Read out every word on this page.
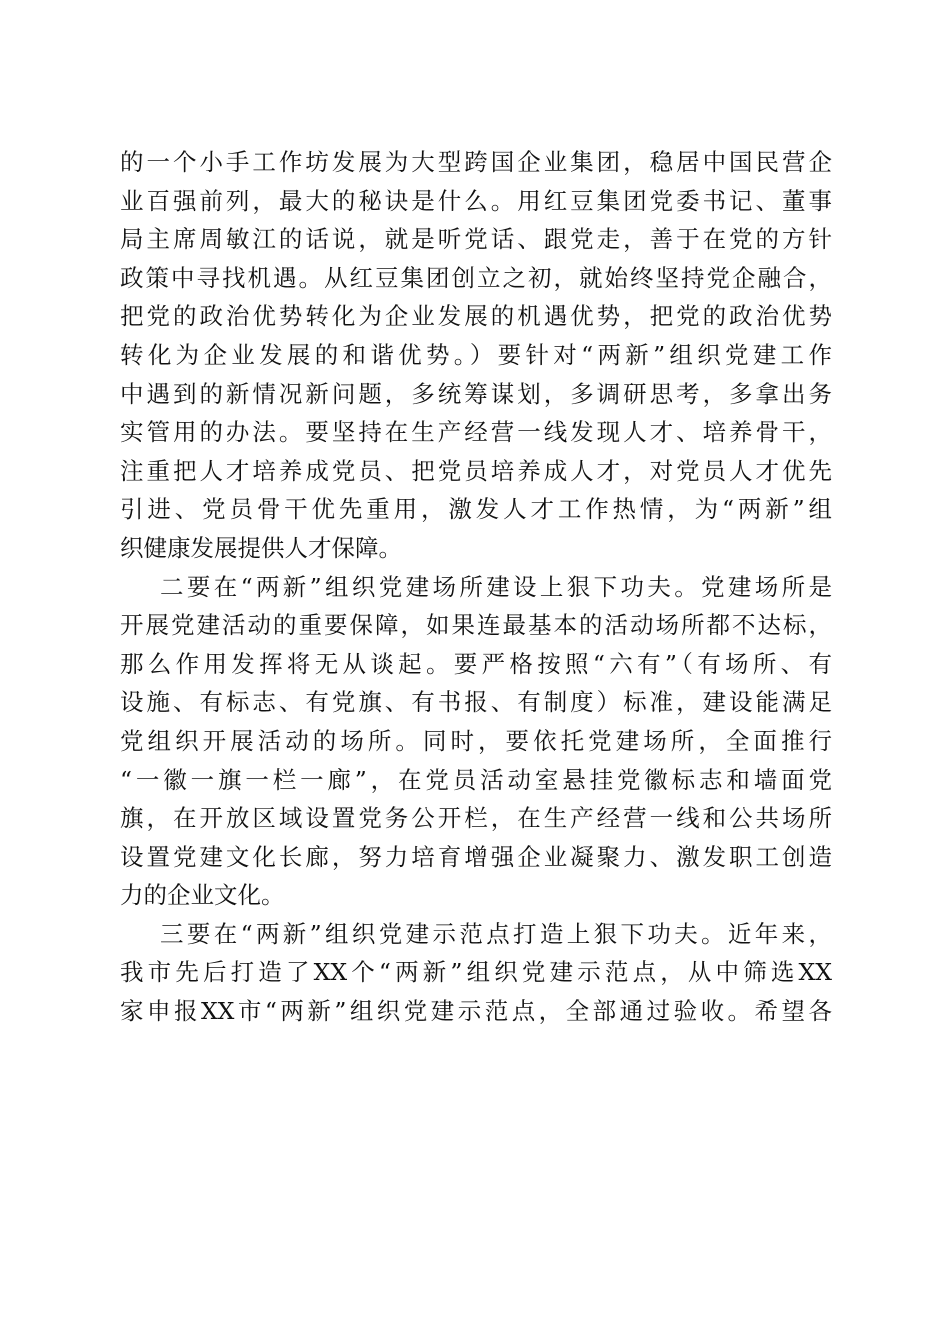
的一个小手工作坊发展为大型跨国企业集团，稳居中国民营企
业百强前列，最大的秘诀是什么。用红豆集团党委书记、董事
局主席周敏江的话说，就是听党话、跟党走，善于在党的方针
政策中寻找机遇。从红豆集团创立之初，就始终坚持党企融合，
把党的政治优势转化为企业发展的机遇优势，把党的政治优势
转化为企业发展的和谐优势。）要针对“两新”组织党建工作
中遇到的新情况新问题，多统筹谋划，多调研思考，多拿出务
实管用的办法。要坚持在生产经营一线发现人才、培养骨干，
注重把人才培养成党员、把党员培养成人才，对党员人才优先
引进、党员骨干优先重用，激发人才工作热情，为“两新”组
织健康发展提供人才保障。
二要在“两新”组织党建场所建设上狠下功夫。党建场所是
开展党建活动的重要保障，如果连最基本的活动场所都不达标，
那么作用发挥将无从谈起。要严格按照“六有”（有场所、有
设施、有标志、有党旗、有书报、有制度）标准，建设能满足
党组织开展活动的场所。同时，要依托党建场所，全面推行
“一徽一旗一栏一廊”，在党员活动室悬挂党徽标志和墙面党
旗，在开放区域设置党务公开栏，在生产经营一线和公共场所
设置党建文化长廊，努力培育增强企业凝聚力、激发职工创造
力的企业文化。
三要在“两新”组织党建示范点打造上狠下功夫。近年来，
我市先后打造了XX个“两新”组织党建示范点，从中筛选XX
家申报XX市“两新”组织党建示范点，全部通过验收。希望各
